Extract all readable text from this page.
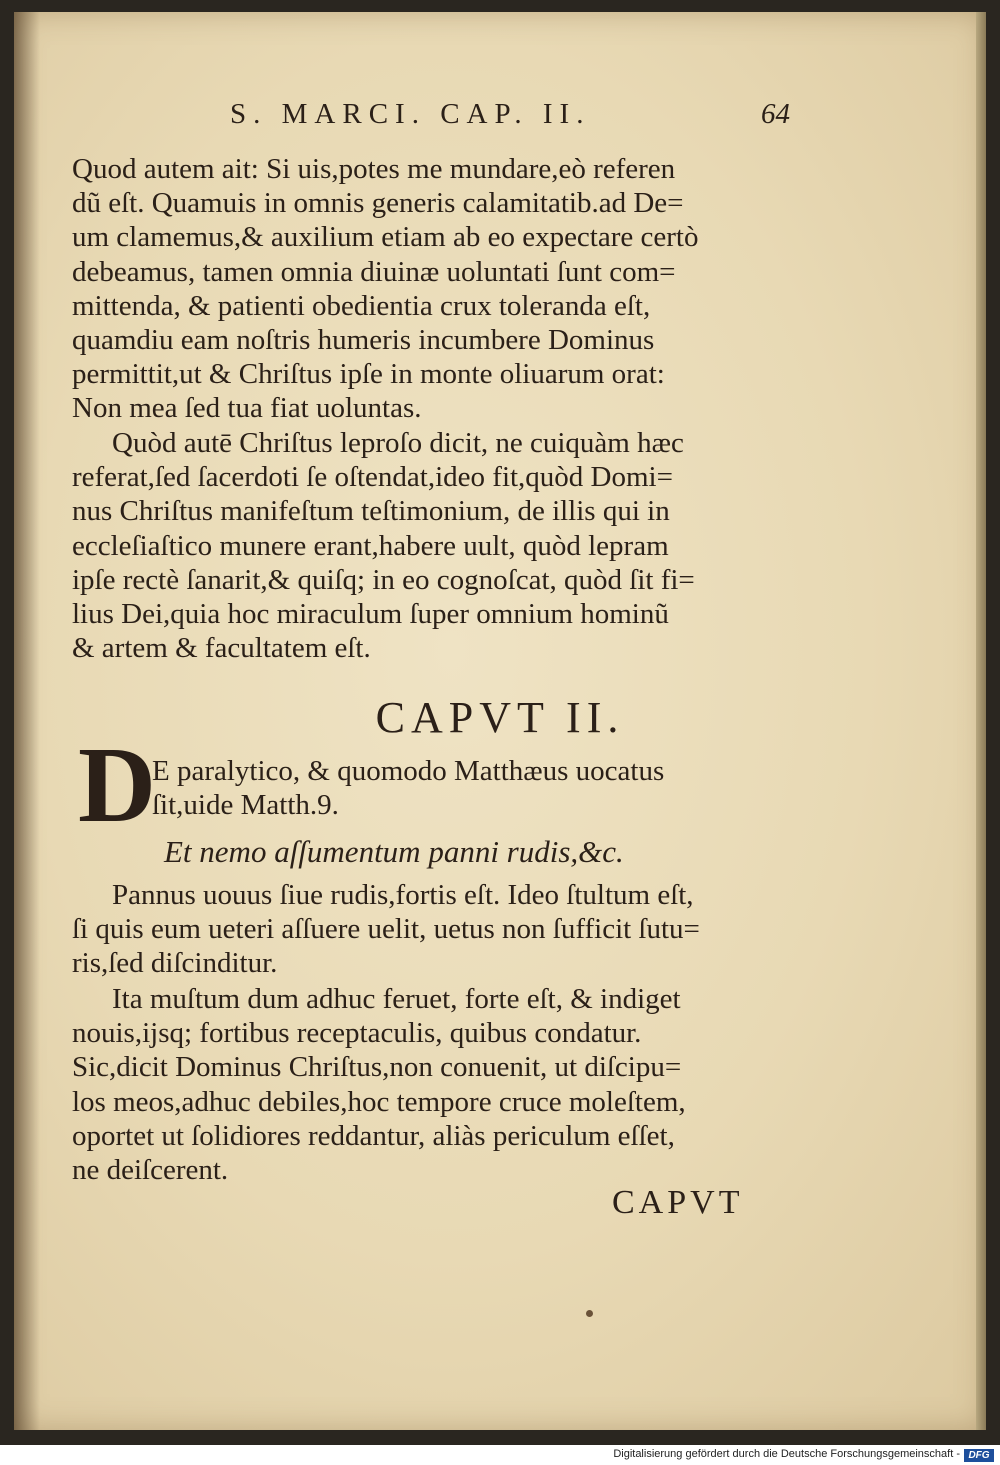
S. MARCI. CAP. II.	64
Quod autem ait: Si uis,potes me mundare,eò referen
dũ eſt. Quamuis in omnis generis calamitatib.ad De=
um clamemus,& auxilium etiam ab eo expectare certò
debeamus, tamen omnia diuinæ uoluntati ſunt com=
mittenda, & patienti obedientia crux toleranda eſt,
quamdiu eam noſtris humeris incumbere Dominus
permittit,ut & Chriſtus ipſe in monte oliuarum orat:
Non mea ſed tua fiat uoluntas.
Quòd autē Chriſtus leproſo dicit, ne cuiquàm hæc
referat,ſed ſacerdoti ſe oſtendat,ideo fit,quòd Domi=
nus Chriſtus manifeſtum teſtimonium, de illis qui in
eccleſiaſtico munere erant,habere uult, quòd lepram
ipſe rectè ſanarit,& quiſq; in eo cognoſcat, quòd ſit fi=
lius Dei,quia hoc miraculum ſuper omnium hominũ
& artem & facultatem eſt.
CAPVT II.
D
E paralytico, & quomodo Matthæus uocatus
ſit,uide Matth.9.
Et nemo aſſumentum panni rudis,&c.
Pannus uouus ſiue rudis,fortis eſt. Ideo ſtultum eſt,
ſi quis eum ueteri aſſuere uelit, uetus non ſufficit ſutu=
ris,ſed diſcinditur.
Ita muſtum dum adhuc feruet, forte eſt, & indiget
nouis,ijsq; fortibus receptaculis, quibus condatur.
Sic,dicit Dominus Chriſtus,non conuenit, ut diſcipu=
los meos,adhuc debiles,hoc tempore cruce moleſtem,
oportet ut ſolidiores reddantur, aliàs periculum eſſet,
ne deiſcerent.
CAPVT
Digitalisierung gefördert durch die Deutsche Forschungsgemeinschaft - DFG
